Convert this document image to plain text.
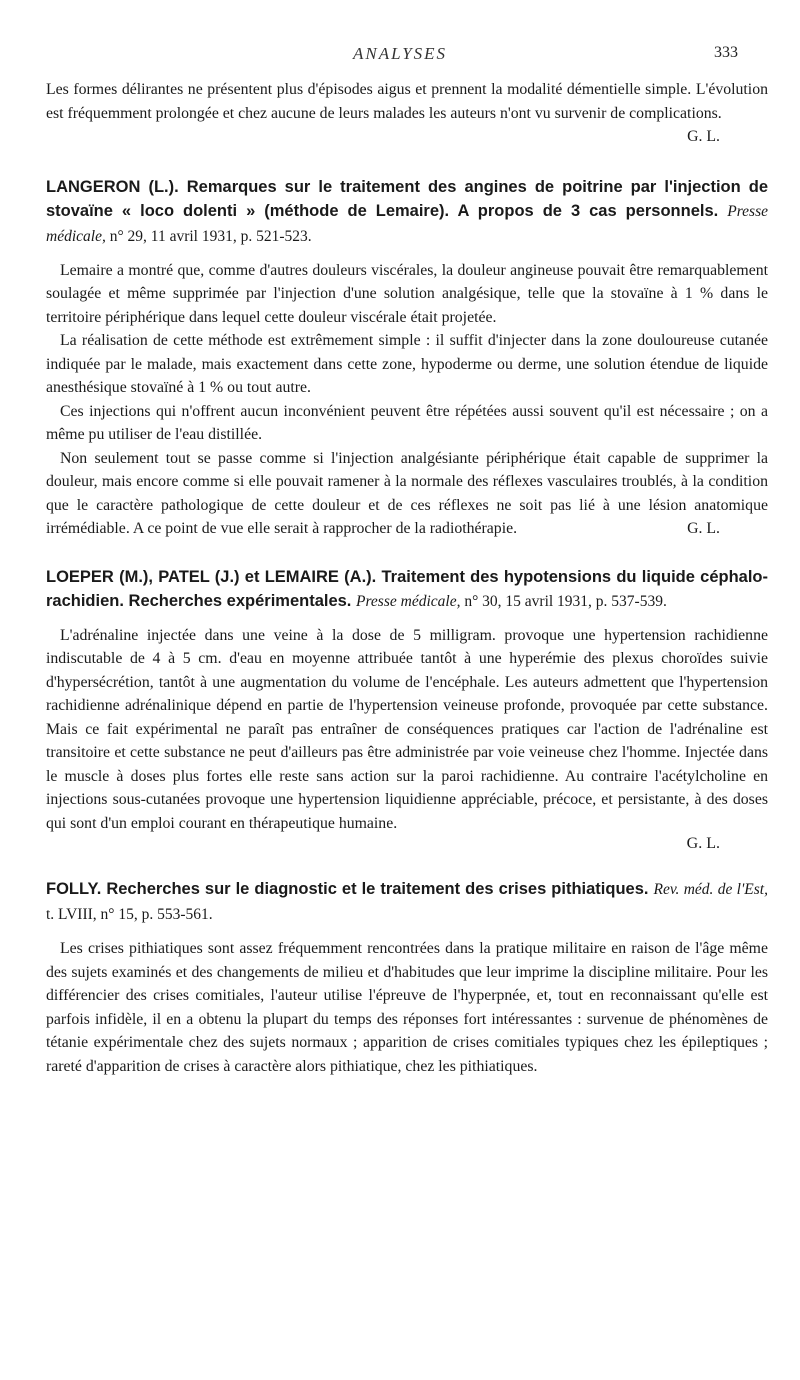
ANALYSES	333

Les formes délirantes ne présentent plus d'épisodes aigus et prennent la modalité démentielle simple. L'évolution est fréquemment prolongée et chez aucune de leurs malades les auteurs n'ont vu survenir de complications.
G. L.

LANGERON (L.). Remarques sur le traitement des angines de poitrine par l'injection de stovaïne « loco dolenti » (méthode de Lemaire). A propos de 3 cas personnels. Presse médicale, n° 29, 11 avril 1931, p. 521-523.

Lemaire a montré que, comme d'autres douleurs viscérales, la douleur angineuse pouvait être remarquablement soulagée et même supprimée par l'injection d'une solution analgésique, telle que la stovaïne à 1 % dans le territoire périphérique dans lequel cette douleur viscérale était projetée.

La réalisation de cette méthode est extrêmement simple : il suffit d'injecter dans la zone douloureuse cutanée indiquée par le malade, mais exactement dans cette zone, hypoderme ou derme, une solution étendue de liquide anesthésique stovaïné à 1 % ou tout autre.

Ces injections qui n'offrent aucun inconvénient peuvent être répétées aussi souvent qu'il est nécessaire ; on a même pu utiliser de l'eau distillée.

Non seulement tout se passe comme si l'injection analgésiante périphérique était capable de supprimer la douleur, mais encore comme si elle pouvait ramener à la normale des réflexes vasculaires troublés, à la condition que le caractère pathologique de cette douleur et de ces réflexes ne soit pas lié à une lésion anatomique irrémédiable. A ce point de vue elle serait à rapprocher de la radiothérapie.	G. L.

LOEPER (M.), PATEL (J.) et LEMAIRE (A.). Traitement des hypotensions du liquide céphalo-rachidien. Recherches expérimentales. Presse médicale, n° 30, 15 avril 1931, p. 537-539.

L'adrénaline injectée dans une veine à la dose de 5 milligram. provoque une hypertension rachidienne indiscutable de 4 à 5 cm. d'eau en moyenne attribuée tantôt à une hyperémie des plexus choroïdes suivie d'hypersécrétion, tantôt à une augmentation du volume de l'encéphale. Les auteurs admettent que l'hypertension rachidienne adrénalinique dépend en partie de l'hypertension veineuse profonde, provoquée par cette substance. Mais ce fait expérimental ne paraît pas entraîner de conséquences pratiques car l'action de l'adrénaline est transitoire et cette substance ne peut d'ailleurs pas être administrée par voie veineuse chez l'homme. Injectée dans le muscle à doses plus fortes elle reste sans action sur la paroi rachidienne. Au contraire l'acétylcholine en injections sous-cutanées provoque une hypertension liquidienne appréciable, précoce, et persistante, à des doses qui sont d'un emploi courant en thérapeutique humaine.

G. L.
FOLLY. Recherches sur le diagnostic et le traitement des crises pithiatiques. Rev. méd. de l'Est, t. LVIII, n° 15, p. 553-561.

Les crises pithiatiques sont assez fréquemment rencontrées dans la pratique militaire en raison de l'âge même des sujets examinés et des changements de milieu et d'habitudes que leur imprime la discipline militaire. Pour les différencier des crises comitiales, l'auteur utilise l'épreuve de l'hyperpnée, et, tout en reconnaissant qu'elle est parfois infidèle, il en a obtenu la plupart du temps des réponses fort intéressantes : survenue de phénomènes de tétanie expérimentale chez des sujets normaux ; apparition de crises comitiales typiques chez les épileptiques ; rareté d'apparition de crises à caractère alors pithiatique, chez les pithiatiques.
